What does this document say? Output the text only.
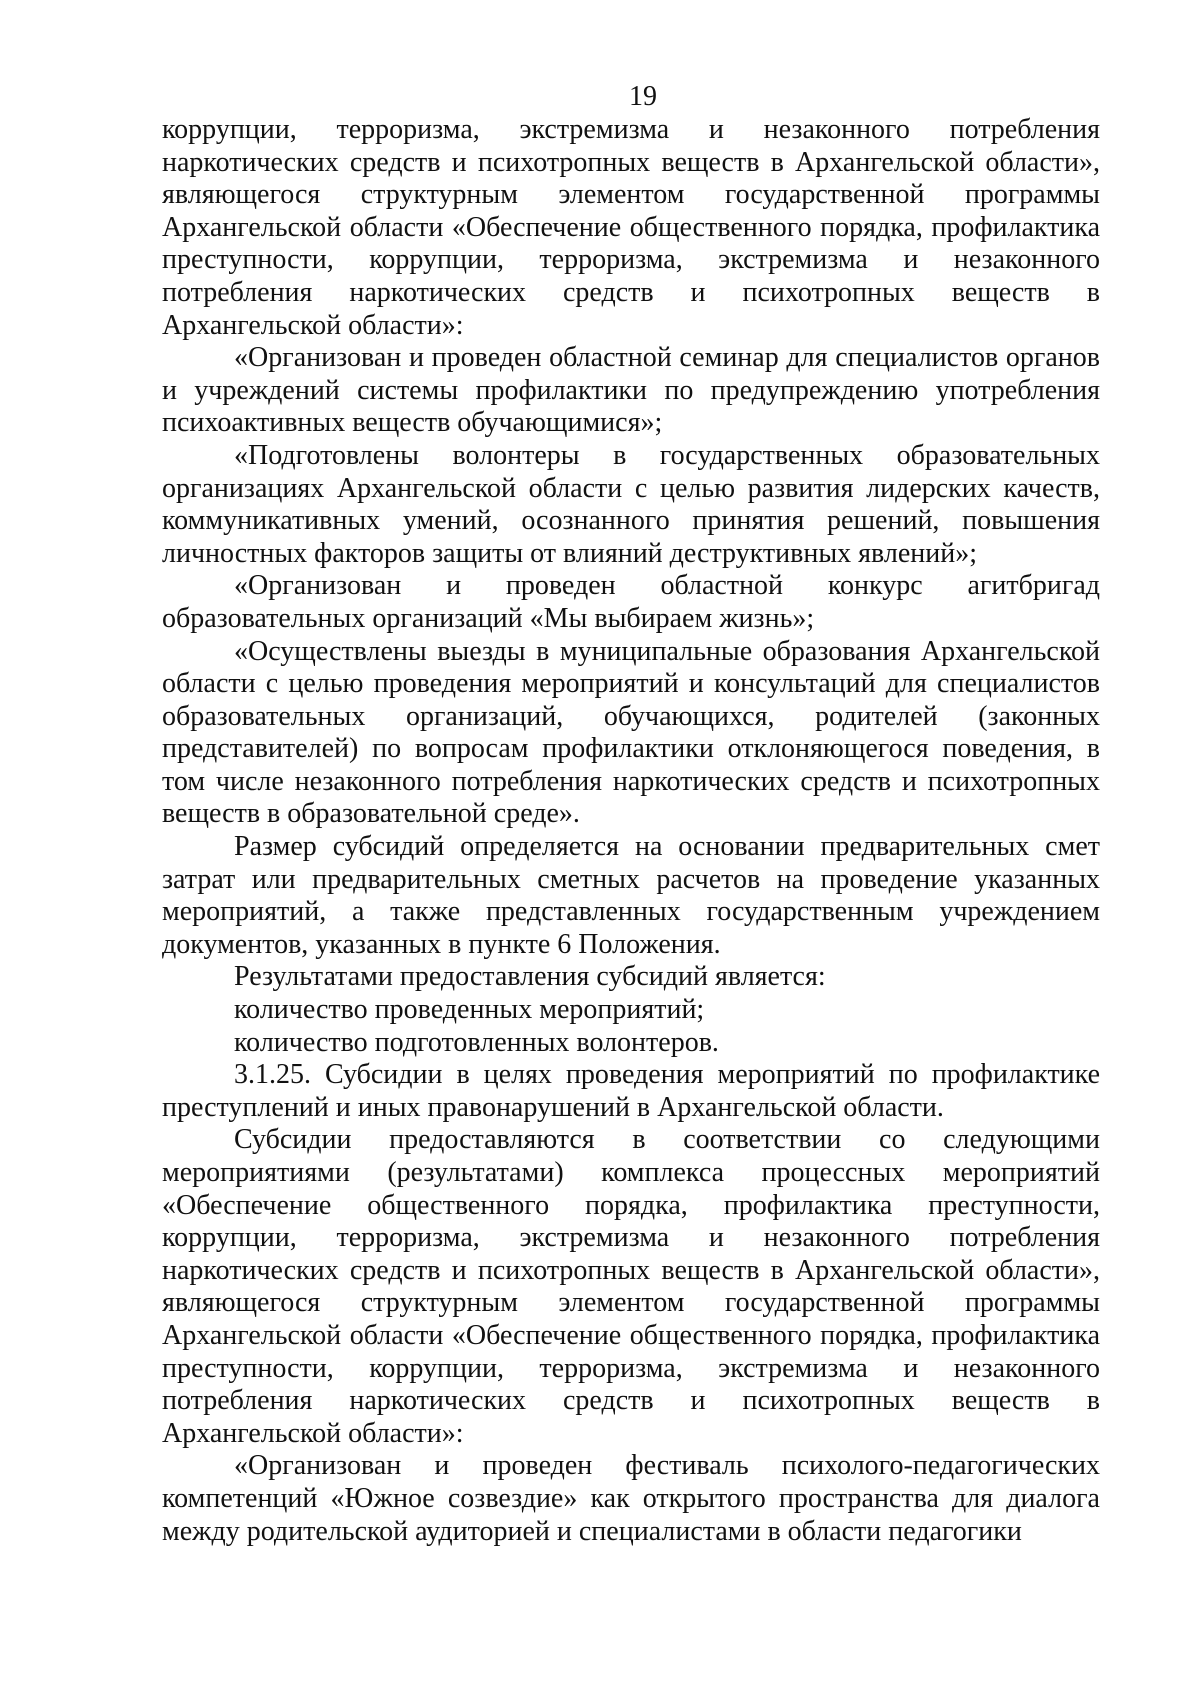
19

коррупции, терроризма, экстремизма и незаконного потребления наркотических средств и психотропных веществ в Архангельской области», являющегося структурным элементом государственной программы Архангельской области «Обеспечение общественного порядка, профилактика преступности, коррупции, терроризма, экстремизма и незаконного потребления наркотических средств и психотропных веществ в Архангельской области»:

«Организован и проведен областной семинар для специалистов органов и учреждений системы профилактики по предупреждению употребления психоактивных веществ обучающимися»;

«Подготовлены волонтеры в государственных образовательных организациях Архангельской области с целью развития лидерских качеств, коммуникативных умений, осознанного принятия решений, повышения личностных факторов защиты от влияний деструктивных явлений»;

«Организован и проведен областной конкурс агитбригад образовательных организаций «Мы выбираем жизнь»;

«Осуществлены выезды в муниципальные образования Архангельской области с целью проведения мероприятий и консультаций для специалистов образовательных организаций, обучающихся, родителей (законных представителей) по вопросам профилактики отклоняющегося поведения, в том числе незаконного потребления наркотических средств и психотропных веществ в образовательной среде».

Размер субсидий определяется на основании предварительных смет затрат или предварительных сметных расчетов на проведение указанных мероприятий, а также представленных государственным учреждением документов, указанных в пункте 6 Положения.

Результатами предоставления субсидий является:

количество проведенных мероприятий;

количество подготовленных волонтеров.

3.1.25. Субсидии в целях проведения мероприятий по профилактике преступлений и иных правонарушений в Архангельской области.

Субсидии предоставляются в соответствии со следующими мероприятиями (результатами) комплекса процессных мероприятий «Обеспечение общественного порядка, профилактика преступности, коррупции, терроризма, экстремизма и незаконного потребления наркотических средств и психотропных веществ в Архангельской области», являющегося структурным элементом государственной программы Архангельской области «Обеспечение общественного порядка, профилактика преступности, коррупции, терроризма, экстремизма и незаконного потребления наркотических средств и психотропных веществ в Архангельской области»:

«Организован и проведен фестиваль психолого-педагогических компетенций «Южное созвездие» как открытого пространства для диалога между родительской аудиторией и специалистами в области педагогики
